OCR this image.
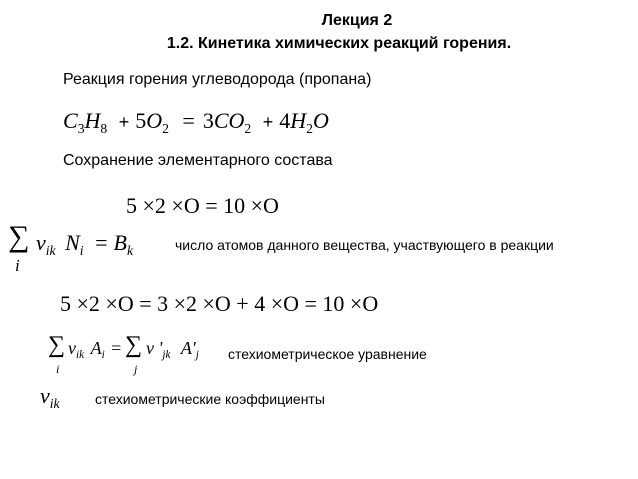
Лекция 2
1.2. Кинетика химических реакций горения.
Реакция горения углеводорода (пропана)
$C_3H_8 + 5O_2 = 3CO_2 + 4H_2O$
Сохранение элементарного состава
5 ×2 ×O = 10 ×O
∑
i
$\nu_{ik}$ $N_i = B_k$	число атомов данного вещества, участвующего в реакции
5 ×2 ×O = 3 ×2 ×O + 4 ×O = 10 ×O
∑
i
$\nu_{ik}$ $A_i$ = ∑
j
ν '$_{jk}$ $A'_j$ стехиометрическое уравнение
$\nu_{ik}$	стехиометрические коэффициенты
